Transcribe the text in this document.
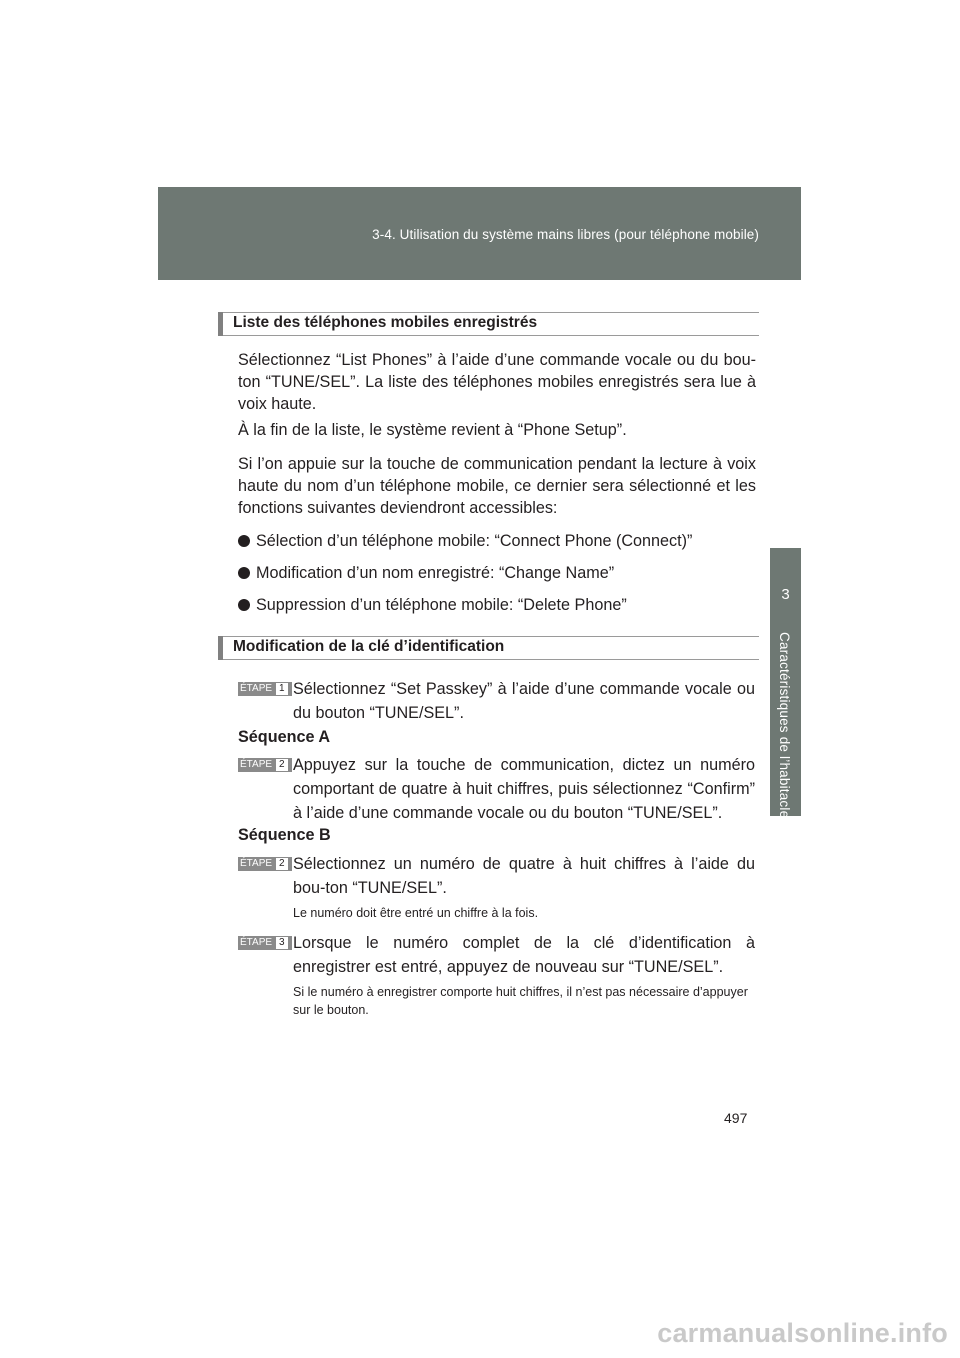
3-4. Utilisation du système mains libres (pour téléphone mobile)
3
Caractéristiques de l’habitacle
Liste des téléphones mobiles enregistrés

Sélectionnez “List Phones” à l’aide d’une commande vocale ou du bou-ton “TUNE/SEL”. La liste des téléphones mobiles enregistrés sera lue à voix haute.

À la fin de la liste, le système revient à “Phone Setup”.

Si l’on appuie sur la touche de communication pendant la lecture à voix haute du nom d’un téléphone mobile, ce dernier sera sélectionné et les fonctions suivantes deviendront accessibles:

Sélection d’un téléphone mobile: “Connect Phone (Connect)”
Modification d’un nom enregistré: “Change Name”
Suppression d’un téléphone mobile: “Delete Phone”
Modification de la clé d’identification
ÉTAPE 1 Sélectionnez “Set Passkey” à l’aide d’une commande vocale ou du bouton “TUNE/SEL”.

Séquence A
ÉTAPE 2 Appuyez sur la touche de communication, dictez un numéro comportant de quatre à huit chiffres, puis sélectionnez “Confirm” à l’aide d’une commande vocale ou du bouton “TUNE/SEL”.

Séquence B
ÉTAPE 2 Sélectionnez un numéro de quatre à huit chiffres à l’aide du bou-ton “TUNE/SEL”.

Le numéro doit être entré un chiffre à la fois.

ÉTAPE 3 Lorsque le numéro complet de la clé d’identification à enregistrer est entré, appuyez de nouveau sur “TUNE/SEL”.

Si le numéro à enregistrer comporte huit chiffres, il n’est pas nécessaire d’appuyer sur le bouton.

497
carmanualsonline.info
